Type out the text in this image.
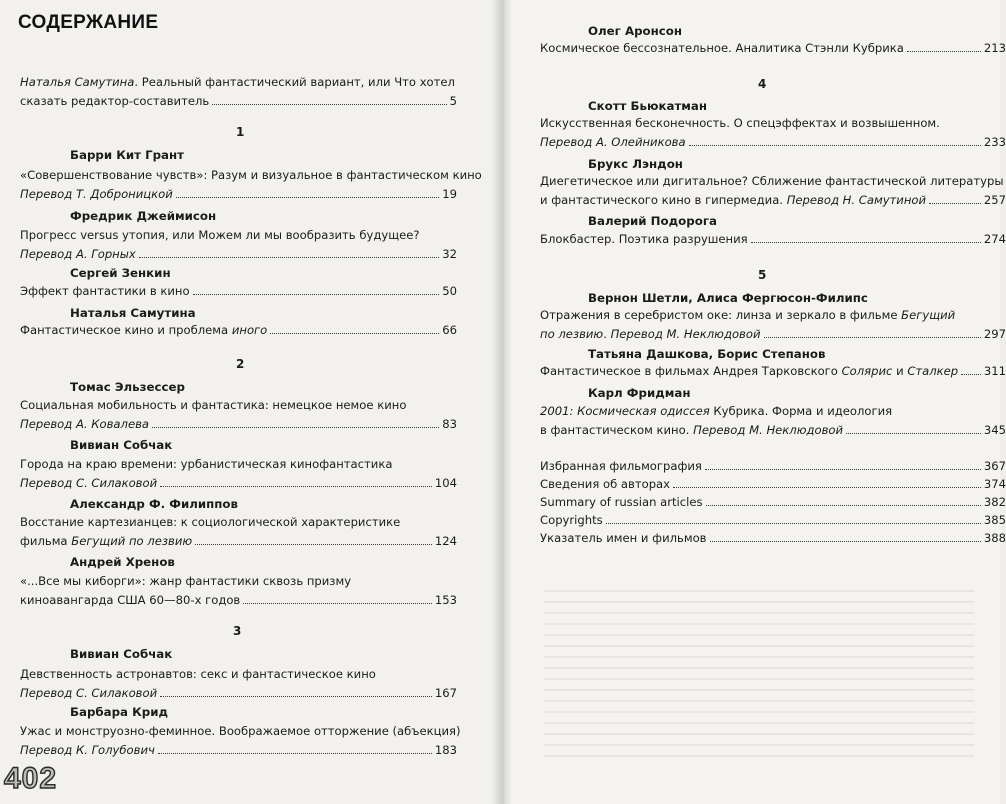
СОДЕРЖАНИЕ
Наталья Самутина. Реальный фантастический вариант, или Что хотел
сказать редактор-составитель	5
1
Барри Кит Грант
«Совершенствование чувств»: Разум и визуальное в фантастическом кино
Перевод Т. Доброницкой	19
Фредрик Джеймисон
Прогресс versus утопия, или Можем ли мы вообразить будущее?
Перевод А. Горных	32
Сергей Зенкин
Эффект фантастики в кино	50
Наталья Самутина
Фантастическое кино и проблема иного	66
2
Томас Эльзессер
Социальная мобильность и фантастика: немецкое немое кино
Перевод А. Ковалева	83
Вивиан Собчак
Города на краю времени: урбанистическая кинофантастика
Перевод С. Силаковой	104
Александр Ф. Филиппов
Восстание картезианцев: к социологической характеристике
фильма Бегущий по лезвию	124
Андрей Хренов
«...Все мы киборги»: жанр фантастики сквозь призму
киноавангарда США 60—80-х годов	153
3
Вивиан Собчак
Девственность астронавтов: секс и фантастическое кино
Перевод С. Силаковой	167
Барбара Крид
Ужас и монструозно-феминное. Воображаемое отторжение (абъекция)
Перевод К. Голубович	183
402
Олег Аронсон
Космическое бессознательное. Аналитика Стэнли Кубрика	213
4
Скотт Бьюкатман
Искусственная бесконечность. О спецэффектах и возвышенном.
Перевод А. Олейникова	233
Брукс Лэндон
Диегетическое или дигитальное? Сближение фантастической литературы
и фантастического кино в гипермедиа. Перевод Н. Самутиной	257
Валерий Подорога
Блокбастер. Поэтика разрушения	274
5
Вернон Шетли, Алиса Фергюсон-Филипс
Отражения в серебристом оке: линза и зеркало в фильме Бегущий
по лезвию. Перевод М. Неклюдовой	297
Татьяна Дашкова, Борис Степанов
Фантастическое в фильмах Андрея Тарковского Солярис и Сталкер 311
Карл Фридман
2001: Космическая одиссея Кубрика. Форма и идеология
в фантастическом кино. Перевод М. Неклюдовой	345
Избранная фильмография	367
Сведения об авторах	374
Summary of russian articles	382
Copyrights	385
Указатель имен и фильмов	388
